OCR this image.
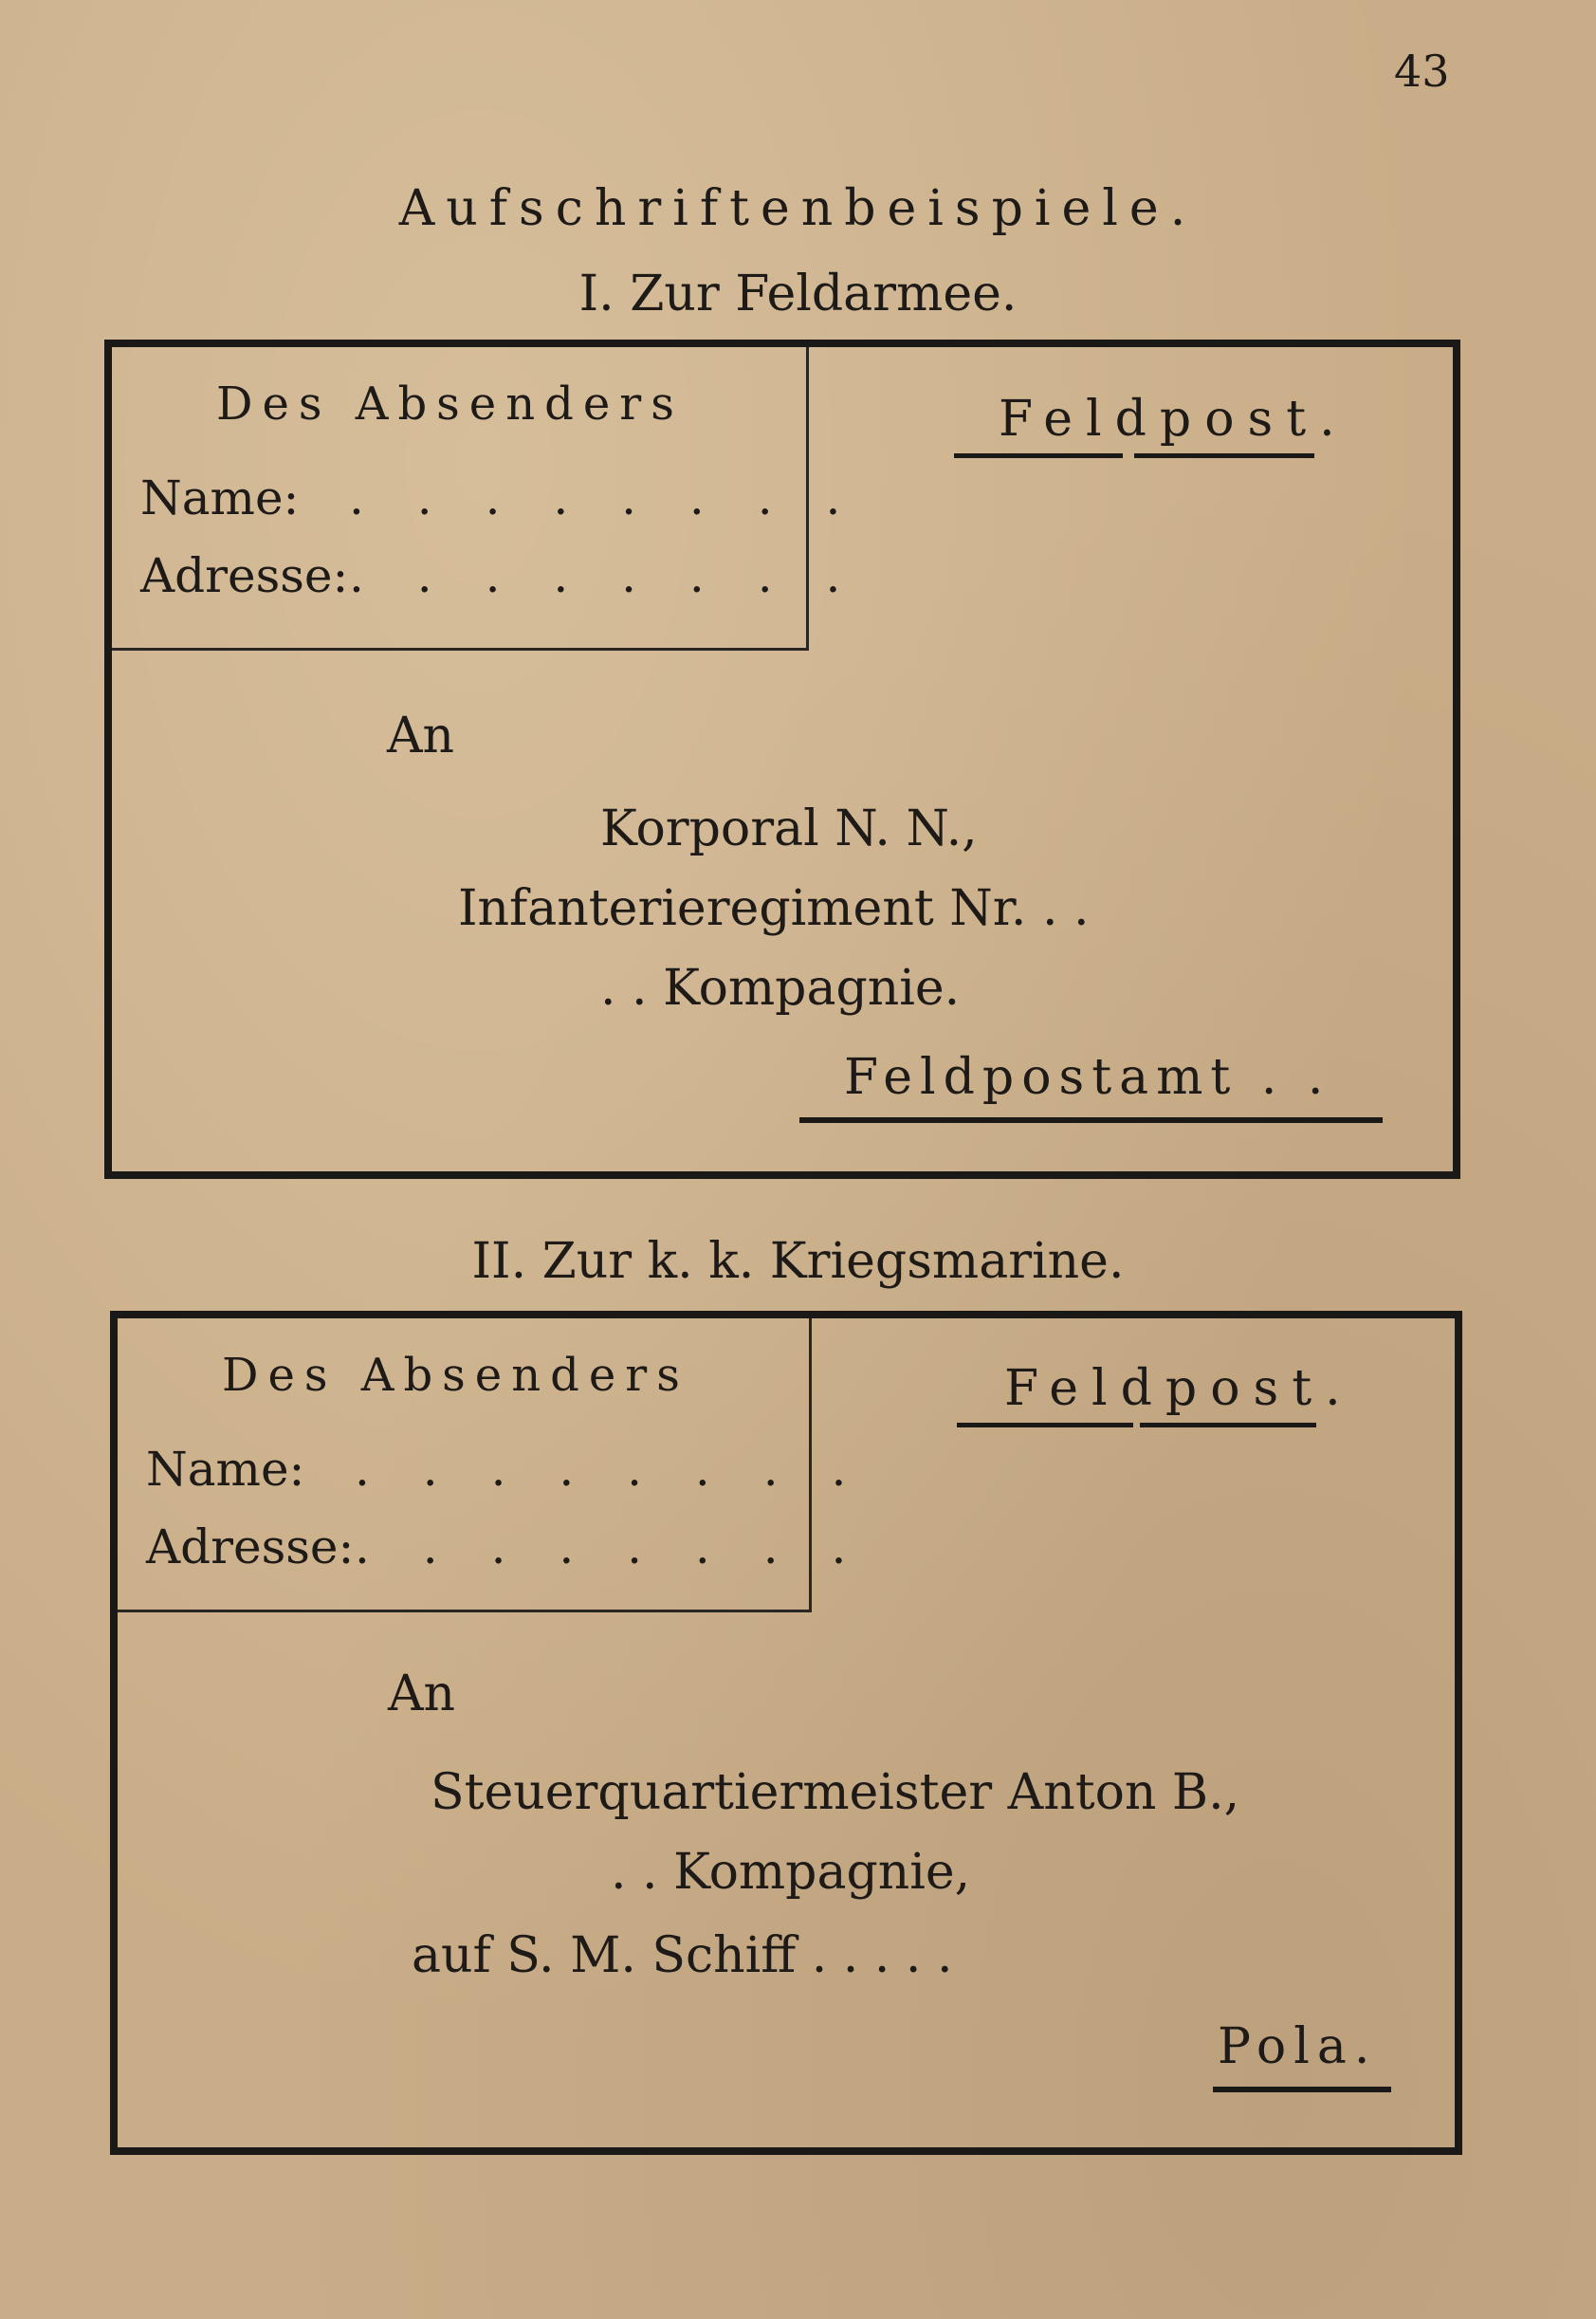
43
Aufschriftenbeispiele.
I. Zur Feldarmee.
Des Absenders
Name: . . . . . . . .
Adresse:. . . . . . . .
Feldpost.
An
Korporal N. N.,
Infanterieregiment Nr. . .
. . Kompagnie.
Feldpostamt . .
II. Zur k. k. Kriegsmarine.
Des Absenders
Name: . . . . . . . .
Adresse:. . . . . . . .
Feldpost.
An
Steuerquartiermeister Anton B.,
. . Kompagnie,
auf S. M. Schiff . . . . .
Pola.
